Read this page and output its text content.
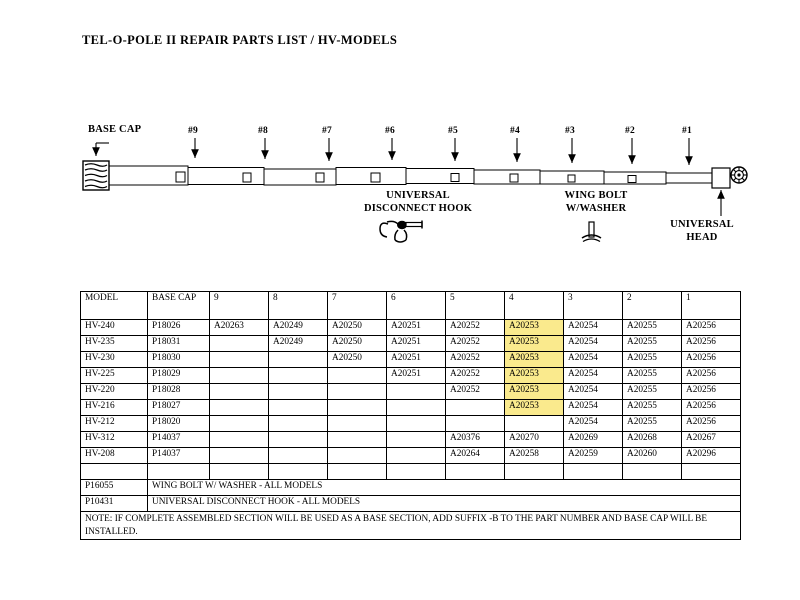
TEL-O-POLE II REPAIR PARTS LIST / HV-MODELS
BASE CAP	#9	#8	#7	#6	#5	#4	#3	#2	#1
UNIVERSAL
DISCONNECT HOOK
WING BOLT
W/WASHER
UNIVERSAL
HEAD
MODEL	BASE CAP	9	8	7	6	5	4	3	2	1
HV-240	P18026	A20263	A20249	A20250	A20251	A20252	A20253	A20254	A20255	A20256
HV-235	P18031		A20249	A20250	A20251	A20252	A20253	A20254	A20255	A20256
HV-230	P18030			A20250	A20251	A20252	A20253	A20254	A20255	A20256
HV-225	P18029				A20251	A20252	A20253	A20254	A20255	A20256
HV-220	P18028					A20252	A20253	A20254	A20255	A20256
HV-216	P18027						A20253	A20254	A20255	A20256
HV-212	P18020							A20254	A20255	A20256
HV-312	P14037					A20376	A20270	A20269	A20268	A20267
HV-208	P14037					A20264	A20258	A20259	A20260	A20296

P16055	WING BOLT W/ WASHER - ALL MODELS									
P10431	UNIVERSAL DISCONNECT HOOK - ALL MODELS									
NOTE: IF COMPLETE ASSEMBLED SECTION WILL BE USED AS A BASE SECTION, ADD SUFFIX -B TO THE PART NUMBER AND BASE CAP WILL BE INSTALLED.										
